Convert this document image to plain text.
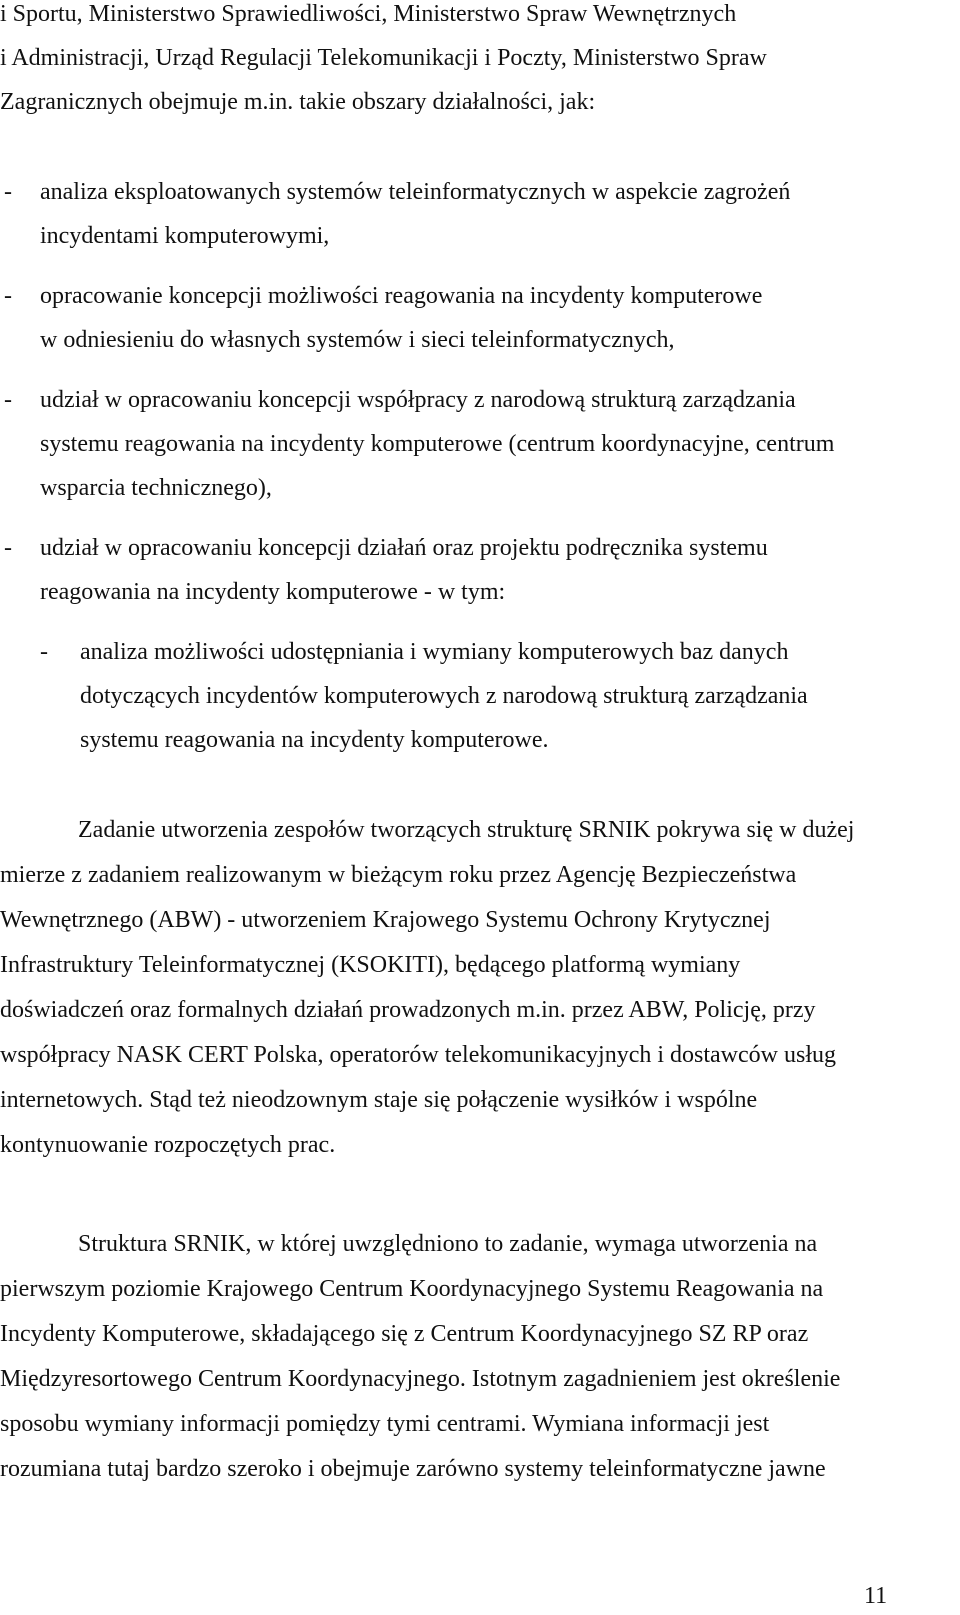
i Sportu, Ministerstwo Sprawiedliwości, Ministerstwo Spraw Wewnętrznych
i Administracji, Urząd Regulacji Telekomunikacji i Poczty, Ministerstwo Spraw
Zagranicznych obejmuje m.in. takie obszary działalności, jak:
- analiza eksploatowanych systemów teleinformatycznych w aspekcie zagrożeń
incydentami komputerowymi,
- opracowanie koncepcji możliwości reagowania na incydenty komputerowe
w odniesieniu do własnych systemów i sieci teleinformatycznych,
- udział w opracowaniu koncepcji współpracy z narodową strukturą zarządzania
systemu reagowania na incydenty komputerowe (centrum koordynacyjne, centrum
wsparcia technicznego),
- udział w opracowaniu koncepcji działań oraz projektu podręcznika systemu
reagowania na incydenty komputerowe - w tym:
- analiza możliwości udostępniania i wymiany komputerowych baz danych
dotyczących incydentów komputerowych z narodową strukturą zarządzania
systemu reagowania na incydenty komputerowe.
Zadanie utworzenia zespołów tworzących strukturę SRNIK pokrywa się w dużej
mierze z zadaniem realizowanym w bieżącym roku przez Agencję Bezpieczeństwa
Wewnętrznego (ABW) - utworzeniem Krajowego Systemu Ochrony Krytycznej
Infrastruktury Teleinformatycznej (KSOKITI), będącego platformą wymiany
doświadczeń oraz formalnych działań prowadzonych m.in. przez ABW, Policję, przy
współpracy NASK CERT Polska, operatorów telekomunikacyjnych i dostawców usług
internetowych. Stąd też nieodzownym staje się połączenie wysiłków i wspólne
kontynuowanie rozpoczętych prac.
Struktura SRNIK, w której uwzględniono to zadanie, wymaga utworzenia na
pierwszym poziomie Krajowego Centrum Koordynacyjnego Systemu Reagowania na
Incydenty Komputerowe, składającego się z Centrum Koordynacyjnego SZ RP oraz
Międzyresortowego Centrum Koordynacyjnego. Istotnym zagadnieniem jest określenie
sposobu wymiany informacji pomiędzy tymi centrami. Wymiana informacji jest
rozumiana tutaj bardzo szeroko i obejmuje zarówno systemy teleinformatyczne jawne
11
